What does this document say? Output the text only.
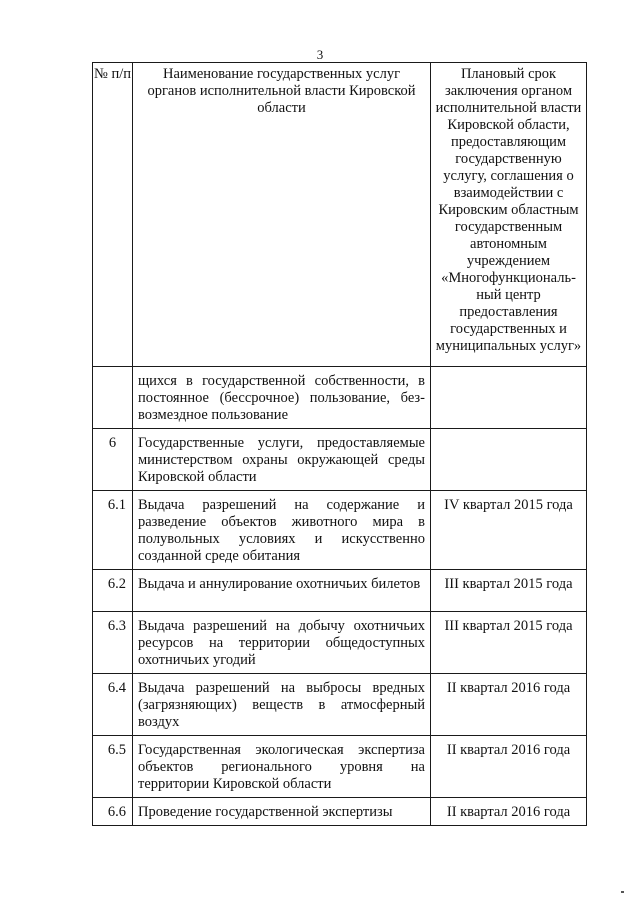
3
№ п/п	Наименование государственных услуг органов исполнительной власти Кировской области	Плановый срок заключения органом исполнительной власти Кировской области, предоставляющим государственную услугу, соглашения о взаимодействии с Кировским областным государственным автономным учреждением «Многофункциональ-ный центр предоставления государственных и муниципальных услуг»
	щихся в государственной собственности, в постоянное (бессрочное) пользование, без-возмездное пользование	
6	Государственные услуги, предоставляемые министерством охраны окружающей среды Кировской области	
6.1	Выдача разрешений на содержание и разведение объектов животного мира в полувольных условиях и искусственно созданной среде обитания	IV квартал 2015 года
6.2	Выдача и аннулирование охотничьих билетов	III квартал 2015 года
6.3	Выдача разрешений на добычу охотничьих ресурсов на территории общедоступных охотничьих угодий	III квартал 2015 года
6.4	Выдача разрешений на выбросы вредных (загрязняющих) веществ в атмосферный воздух	II квартал 2016 года
6.5	Государственная экологическая экспертиза объектов регионального уровня на территории Кировской области	II квартал 2016 года
6.6	Проведение государственной экспертизы	II квартал 2016 года
